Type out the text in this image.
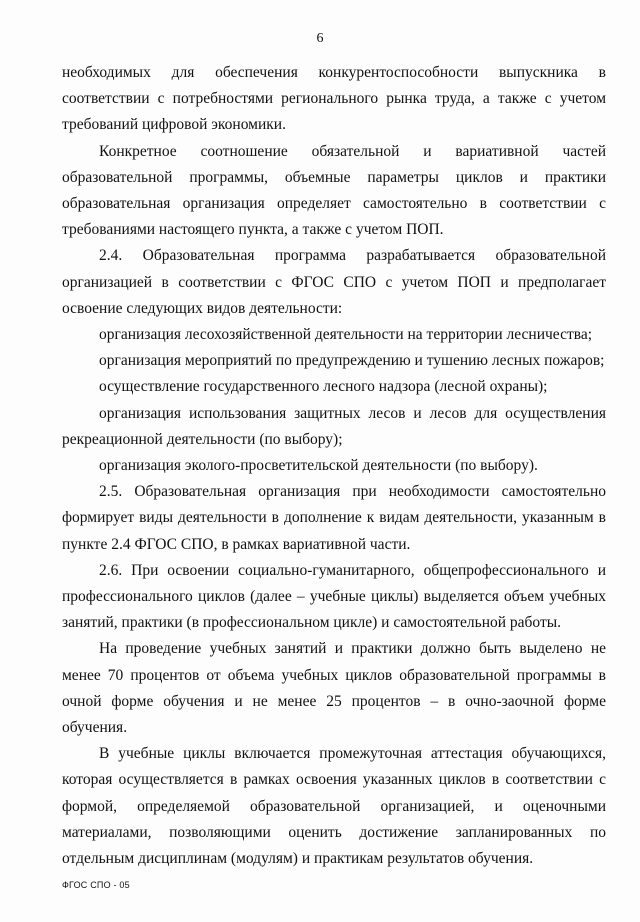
6

необходимых для обеспечения конкурентоспособности выпускника в соответствии с потребностями регионального рынка труда, а также с учетом требований цифровой экономики.

Конкретное соотношение обязательной и вариативной частей образовательной программы, объемные параметры циклов и практики образовательная организация определяет самостоятельно в соответствии с требованиями настоящего пункта, а также с учетом ПОП.

2.4. Образовательная программа разрабатывается образовательной организацией в соответствии с ФГОС СПО с учетом ПОП и предполагает освоение следующих видов деятельности:

организация лесохозяйственной деятельности на территории лесничества;

организация мероприятий по предупреждению и тушению лесных пожаров;

осуществление государственного лесного надзора (лесной охраны);

организация использования защитных лесов и лесов для осуществления рекреационной деятельности (по выбору);

организация эколого-просветительской деятельности (по выбору).

2.5. Образовательная организация при необходимости самостоятельно формирует виды деятельности в дополнение к видам деятельности, указанным в пункте 2.4 ФГОС СПО, в рамках вариативной части.

2.6. При освоении социально-гуманитарного, общепрофессионального и профессионального циклов (далее – учебные циклы) выделяется объем учебных занятий, практики (в профессиональном цикле) и самостоятельной работы.

На проведение учебных занятий и практики должно быть выделено не менее 70 процентов от объема учебных циклов образовательной программы в очной форме обучения и не менее 25 процентов – в очно-заочной форме обучения.

В учебные циклы включается промежуточная аттестация обучающихся, которая осуществляется в рамках освоения указанных циклов в соответствии с формой, определяемой образовательной организацией, и оценочными материалами, позволяющими оценить достижение запланированных по отдельным дисциплинам (модулям) и практикам результатов обучения.

ФГОС СПО - 05
